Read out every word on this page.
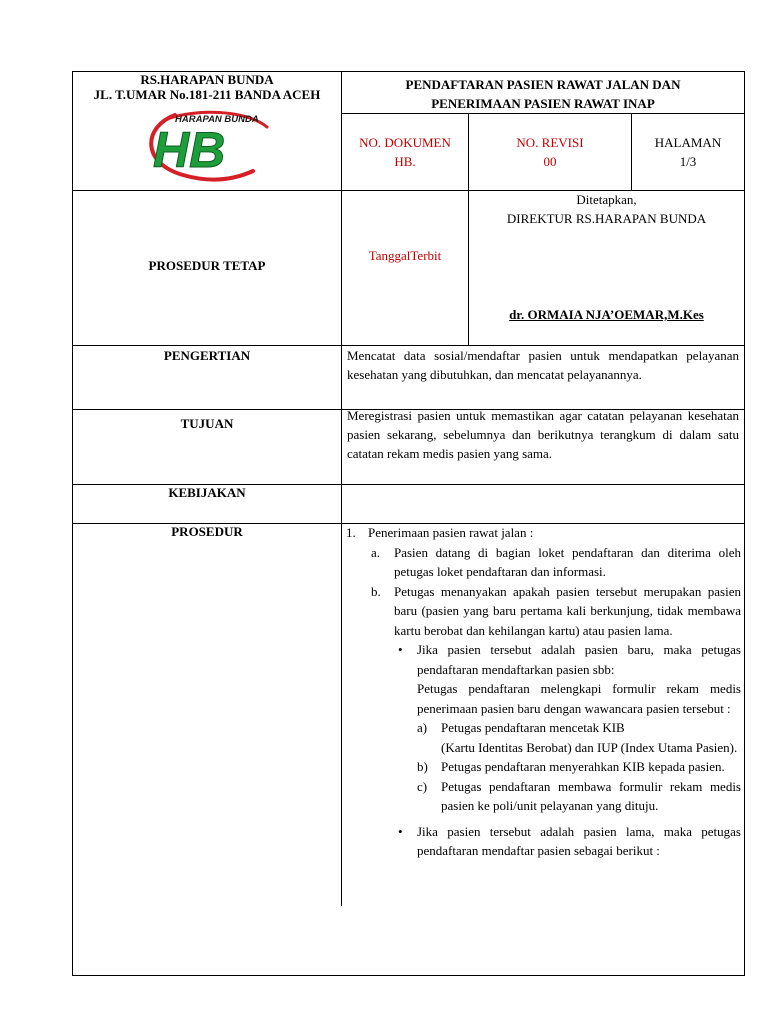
RS.HARAPAN BUNDA
JL. T.UMAR No.181-211 BANDA ACEH
HARAPAN BUNDA
HB
PENDAFTARAN PASIEN RAWAT JALAN DAN
PENERIMAAN PASIEN RAWAT INAP
NO. DOKUMEN
HB.
NO. REVISI
00
HALAMAN
1/3
PROSEDUR TETAP
TanggalTerbit
Ditetapkan,
DIREKTUR RS.HARAPAN BUNDA
dr. ORMAIA NJA’OEMAR,M.Kes
PENGERTIAN	Mencatat data sosial/mendaftar pasien untuk mendapatkan pelayanan kesehatan yang dibutuhkan, dan mencatat pelayanannya.
TUJUAN
Meregistrasi pasien untuk memastikan agar catatan pelayanan kesehatan pasien sekarang, sebelumnya dan berikutnya terangkum di dalam satu catatan rekam medis pasien yang sama.
KEBIJAKAN
PROSEDUR	1. Penerimaan pasien rawat jalan :
a. Pasien datang di bagian loket pendaftaran dan diterima oleh petugas loket pendaftaran dan informasi.
b. Petugas menanyakan apakah pasien tersebut merupakan pasien baru (pasien yang baru pertama kali berkunjung, tidak membawa kartu berobat dan kehilangan kartu) atau pasien lama.
• Jika pasien tersebut adalah pasien baru, maka petugas pendaftaran mendaftarkan pasien sbb:
Petugas pendaftaran melengkapi formulir rekam medis penerimaan pasien baru dengan wawancara pasien tersebut :
a) Petugas pendaftaran mencetak KIB
(Kartu Identitas Berobat) dan IUP (Index Utama Pasien).
b) Petugas pendaftaran menyerahkan KIB kepada pasien.
c) Petugas pendaftaran membawa formulir rekam medis pasien ke poli/unit pelayanan yang dituju.
• Jika pasien tersebut adalah pasien lama, maka petugas pendaftaran mendaftar pasien sebagai berikut :
